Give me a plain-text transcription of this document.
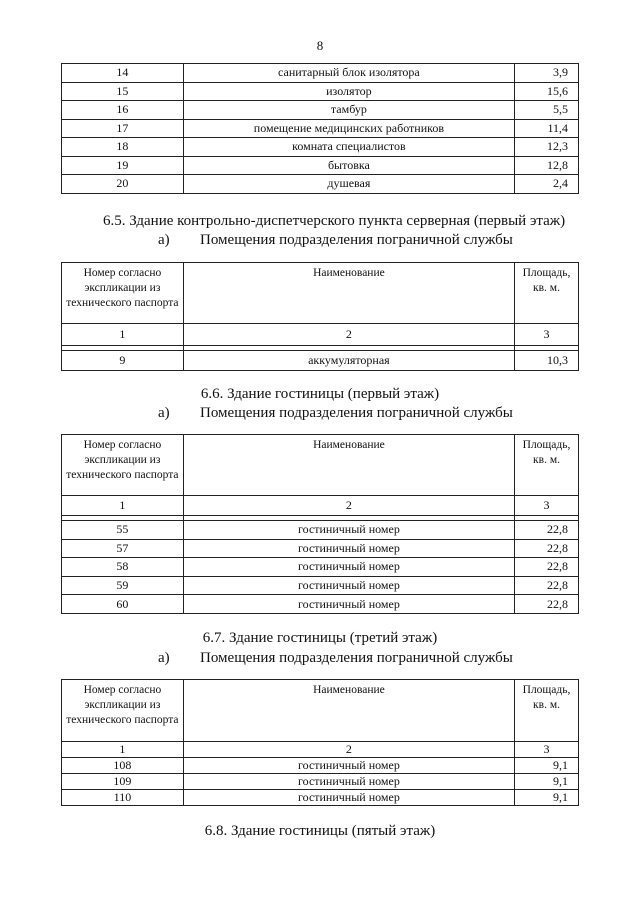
8
14	санитарный блок изолятора	3,9
15	изолятор	15,6
16	тамбур	5,5
17	помещение медицинских работников	11,4
18	комната специалистов	12,3
19	бытовка	12,8
20	душевая	2,4
6.5. Здание контрольно-диспетчерского пункта серверная (первый этаж)
а) Помещения подразделения пограничной службы
Номер согласно экспликации из технического паспорта	Наименование	Площадь, кв. м.
1	2	3

9	аккумуляторная	10,3
6.6. Здание гостиницы (первый этаж)
а) Помещения подразделения пограничной службы
Номер согласно экспликации из технического паспорта	Наименование	Площадь, кв. м.
1	2	3

55	гостиничный номер	22,8
57	гостиничный номер	22,8
58	гостиничный номер	22,8
59	гостиничный номер	22,8
60	гостиничный номер	22,8
6.7. Здание гостиницы (третий этаж)
а) Помещения подразделения пограничной службы
Номер согласно экспликации из технического паспорта	Наименование	Площадь, кв. м.
1	2	3
108	гостиничный номер	9,1
109	гостиничный номер	9,1
110	гостиничный номер	9,1
6.8. Здание гостиницы (пятый этаж)
